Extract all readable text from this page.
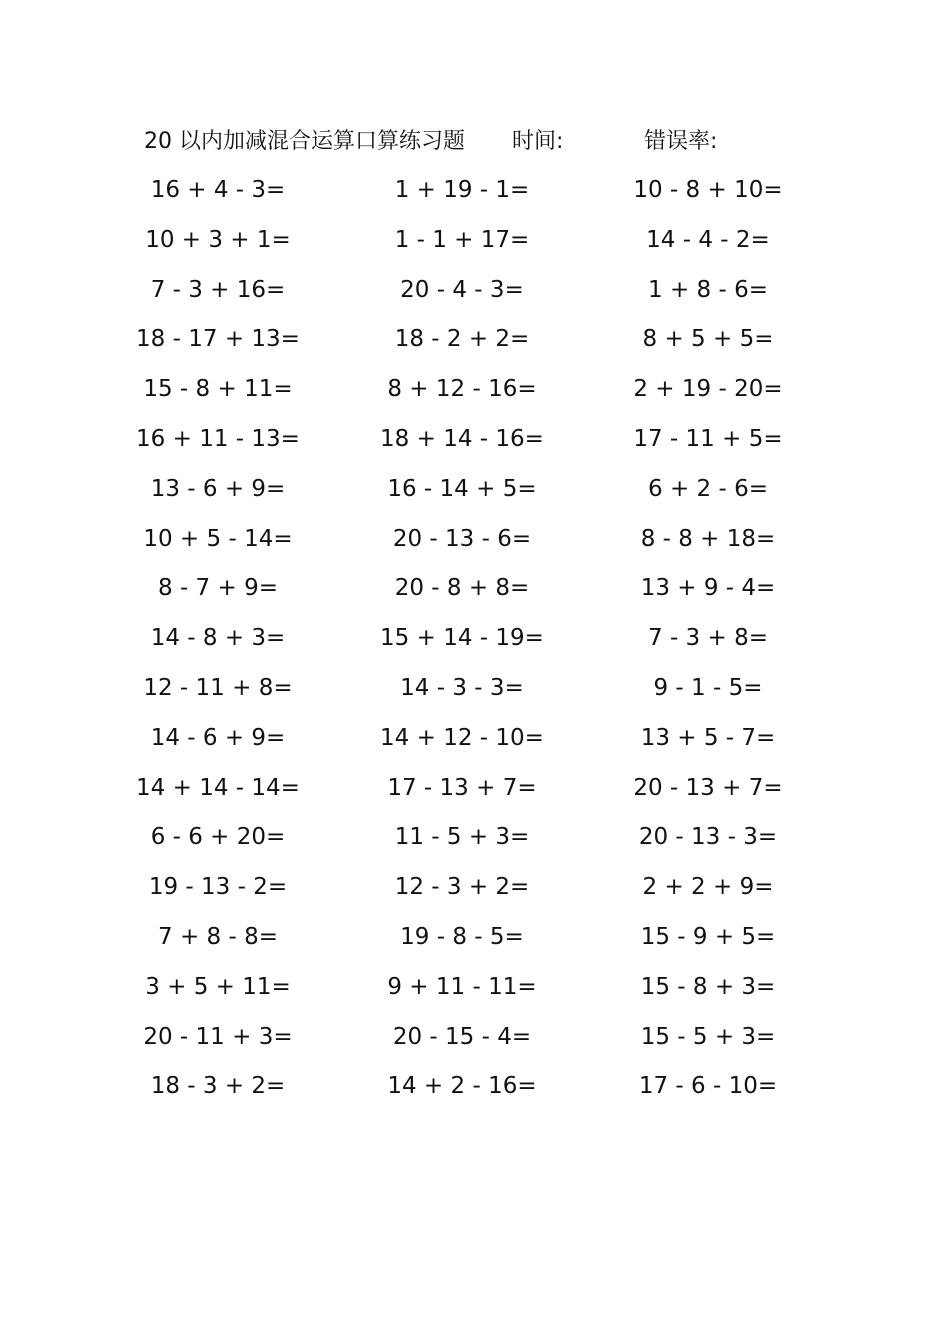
20 以内加减混合运算口算练习题 时间:	错误率:
16 + 4 - 3=	1 + 19 - 1=	10 - 8 + 10=
10 + 3 + 1=	1 - 1 + 17=	14 - 4 - 2=
7 - 3 + 16=	20 - 4 - 3=	1 + 8 - 6=
18 - 17 + 13=	18 - 2 + 2=	8 + 5 + 5=
15 - 8 + 11=	8 + 12 - 16=	2 + 19 - 20=
16 + 11 - 13=	18 + 14 - 16=	17 - 11 + 5=
13 - 6 + 9=	16 - 14 + 5=	6 + 2 - 6=
10 + 5 - 14=	20 - 13 - 6=	8 - 8 + 18=
8 - 7 + 9=	20 - 8 + 8=	13 + 9 - 4=
14 - 8 + 3=	15 + 14 - 19=	7 - 3 + 8=
12 - 11 + 8=	14 - 3 - 3=	9 - 1 - 5=
14 - 6 + 9=	14 + 12 - 10=	13 + 5 - 7=
14 + 14 - 14=	17 - 13 + 7=	20 - 13 + 7=
6 - 6 + 20=	11 - 5 + 3=	20 - 13 - 3=
19 - 13 - 2=	12 - 3 + 2=	2 + 2 + 9=
7 + 8 - 8=	19 - 8 - 5=	15 - 9 + 5=
3 + 5 + 11=	9 + 11 - 11=	15 - 8 + 3=
20 - 11 + 3=	20 - 15 - 4=	15 - 5 + 3=
18 - 3 + 2=	14 + 2 - 16=	17 - 6 - 10=
